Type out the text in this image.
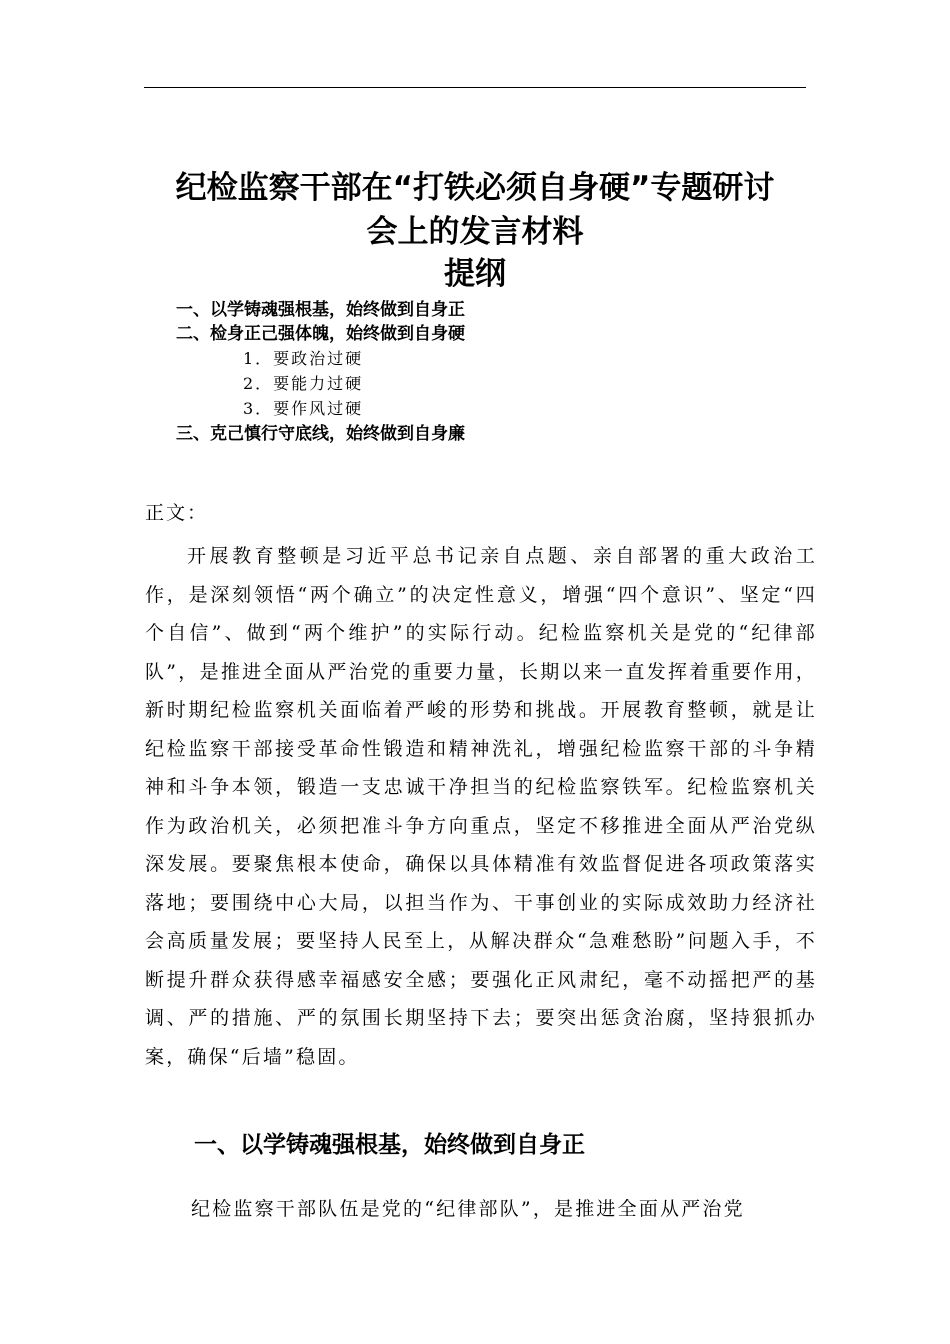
纪检监察干部在“打铁必须自身硬”专题研讨
会上的发言材料
提纲
一、以学铸魂强根基，始终做到自身正
二、检身正己强体魄，始终做到自身硬
1．要政治过硬
2．要能力过硬
3．要作风过硬
三、克己慎行守底线，始终做到自身廉
正文：
开展教育整顿是习近平总书记亲自点题、亲自部署的重大政治工作，是深刻领悟“两个确立”的决定性意义，增强“四个意识”、坚定“四个自信”、做到“两个维护”的实际行动。纪检监察机关是党的“纪律部队”，是推进全面从严治党的重要力量，长期以来一直发挥着重要作用，新时期纪检监察机关面临着严峻的形势和挑战。开展教育整顿，就是让纪检监察干部接受革命性锻造和精神洗礼，增强纪检监察干部的斗争精神和斗争本领，锻造一支忠诚干净担当的纪检监察铁军。纪检监察机关作为政治机关，必须把准斗争方向重点，坚定不移推进全面从严治党纵深发展。要聚焦根本使命，确保以具体精准有效监督促进各项政策落实落地；要围绕中心大局，以担当作为、干事创业的实际成效助力经济社会高质量发展；要坚持人民至上，从解决群众“急难愁盼”问题入手，不断提升群众获得感幸福感安全感；要强化正风肃纪，毫不动摇把严的基调、严的措施、严的氛围长期坚持下去；要突出惩贪治腐，坚持狠抓办案，确保“后墙”稳固。
一、以学铸魂强根基，始终做到自身正
纪检监察干部队伍是党的“纪律部队”，是推进全面从严治党
